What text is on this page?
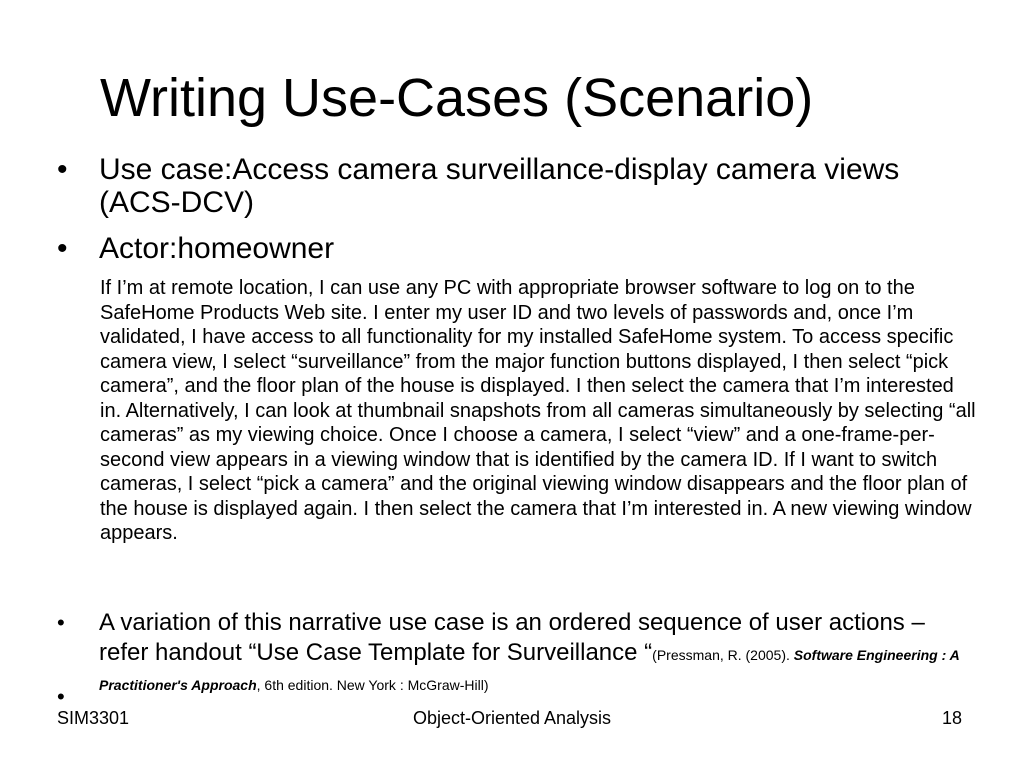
Writing Use-Cases (Scenario)
•	Use case:Access camera surveillance-display camera views (ACS-DCV)
•	Actor:homeowner
If I’m at remote location, I can use any PC with appropriate browser software to log on to the SafeHome Products Web site. I enter my user ID and two levels of passwords and, once I’m validated, I have access to all functionality for my installed SafeHome system. To access specific camera view, I select “surveillance” from the major function buttons displayed, I then select “pick camera”, and the floor plan of the house is displayed. I then select the camera that I’m interested in. Alternatively, I can look at thumbnail snapshots from all cameras simultaneously by selecting “all cameras” as my viewing choice. Once I choose a camera, I select “view” and a one-frame-per-second view appears in a viewing window that is identified by the camera ID. If I want to switch cameras, I select “pick a camera” and the original viewing window disappears and the floor plan of the house is displayed again. I then select the camera that I’m interested in. A new viewing window appears.
•	A variation of this narrative use case is an ordered sequence of user actions – refer handout “Use Case Template for Surveillance “(Pressman, R. (2005). Software Engineering : A Practitioner's Approach, 6th edition. New York : McGraw-Hill)
•
SIM3301	Object-Oriented Analysis	18
